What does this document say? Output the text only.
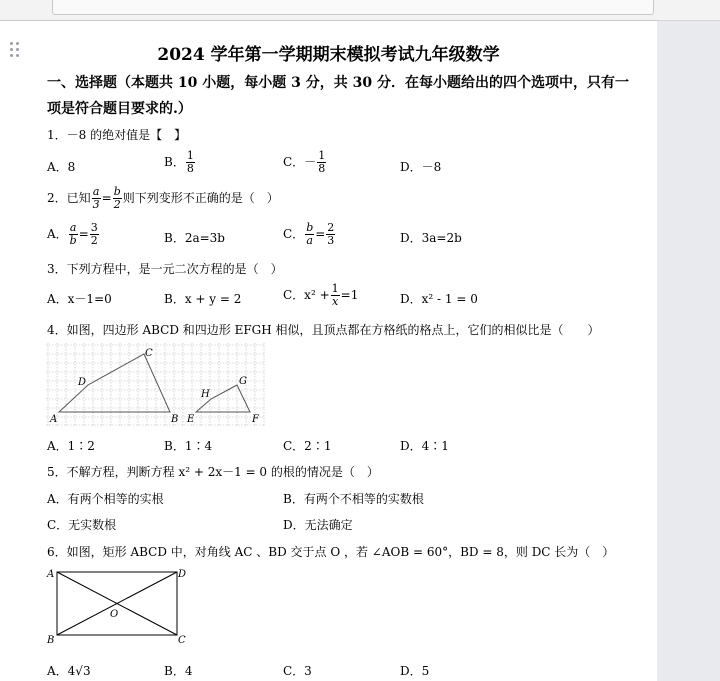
2024 学年第一学期期末模拟考试九年级数学
一、选择题（本题共 10 小题，每小题 3 分，共 30 分．在每小题给出的四个选项中，只有一
项是符合题目要求的.）
1．－8 的绝对值是【　】
A．8	B． $\frac{1}{8}$	C．－ $\frac{1}{8}$	D．－8
2．已知 $\frac{a}{3} = \frac{b}{2}$ 则下列变形不正确的是（　）
A． $\frac{a}{b} = \frac{3}{2}$	B．2a=3b	C． $\frac{b}{a} = \frac{2}{3}$	D．3a=2b
3．下列方程中，是一元二次方程的是（　）
A．x－1=0	B．x + y = 2	C．$x^2 + \frac{1}{x} =1$	D．x² - 1 = 0
4．如图，四边形 ABCD 和四边形 EFGH 相似，且顶点都在方格纸的格点上，它们的相似比是（　　）
A	B
C
D
E	F
G
H
A．1∶2	B．1∶4	C．2∶1	D．4∶1
5．不解方程，判断方程 x² + 2x－1 = 0 的根的情况是（　）
A．有两个相等的实根	B．有两个不相等的实数根
C．无实数根	D．无法确定
6．如图，矩形 ABCD 中，对角线 AC 、BD 交于点 O ，若 ∠AOB = 60°，BD = 8，则 DC 长为（　）
A	D
O
B	C
A．4√3	B．4	C．3	D．5
